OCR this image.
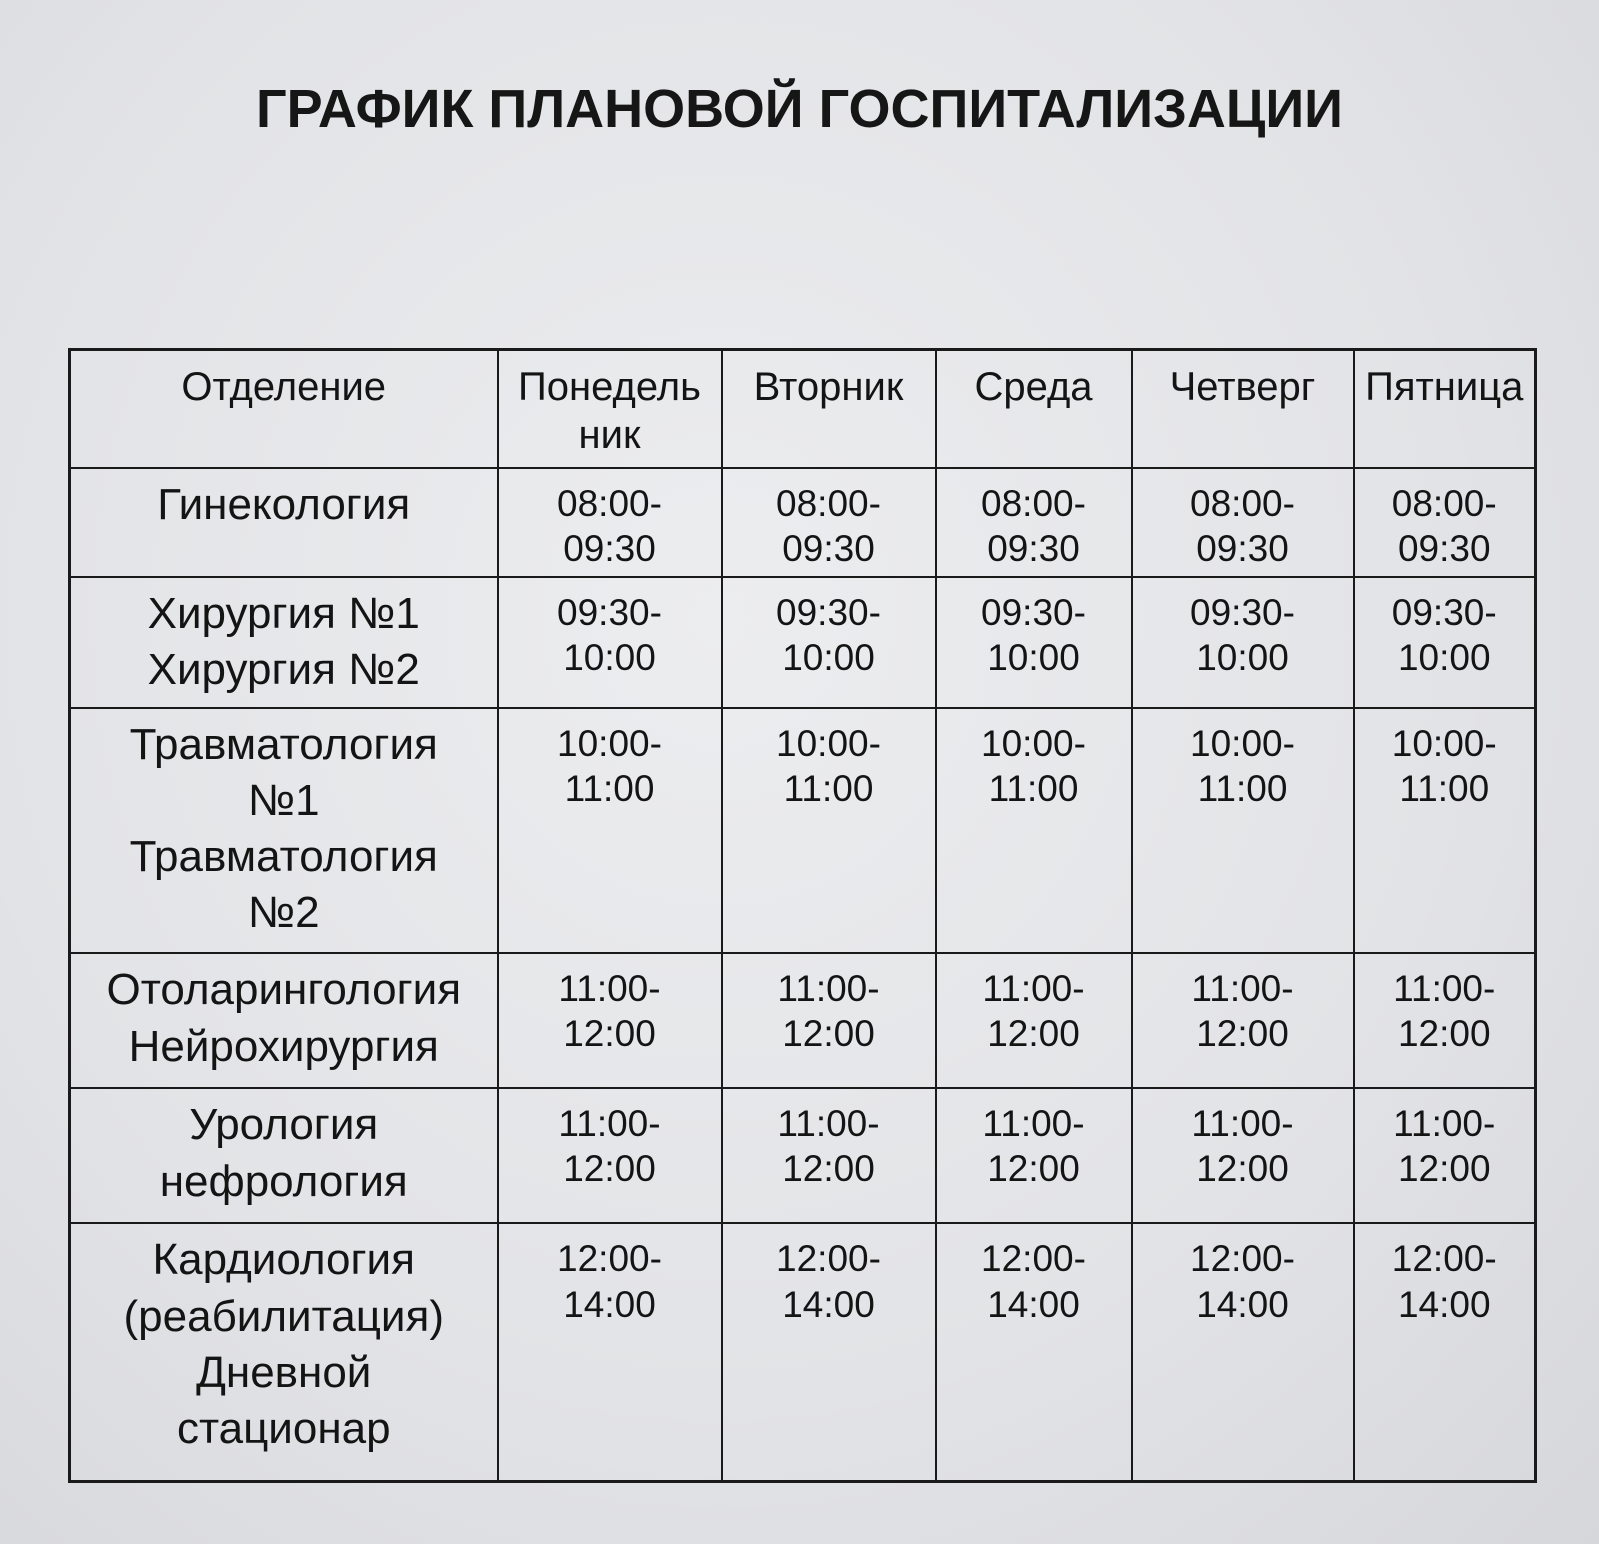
ГРАФИК ПЛАНОВОЙ ГОСПИТАЛИЗАЦИИ
Отделение	Понедель
ник	Вторник	Среда	Четверг	Пятница

Гинекология	08:00-
09:30	08:00-
09:30	08:00-
09:30	08:00-
09:30	08:00-
09:30

Хирургия №1
Хирургия №2	09:30-
10:00	09:30-
10:00	09:30-
10:00	09:30-
10:00	09:30-
10:00

Травматология
№1
Травматология
№2	10:00-
11:00	10:00-
11:00	10:00-
11:00	10:00-
11:00	10:00-
11:00

Отоларингология
Нейрохирургия	11:00-
12:00	11:00-
12:00	11:00-
12:00	11:00-
12:00	11:00-
12:00

Урология
нефрология	11:00-
12:00	11:00-
12:00	11:00-
12:00	11:00-
12:00	11:00-
12:00

Кардиология
(реабилитация)
Дневной
стационар	12:00-
14:00	12:00-
14:00	12:00-
14:00	12:00-
14:00	12:00-
14:00
